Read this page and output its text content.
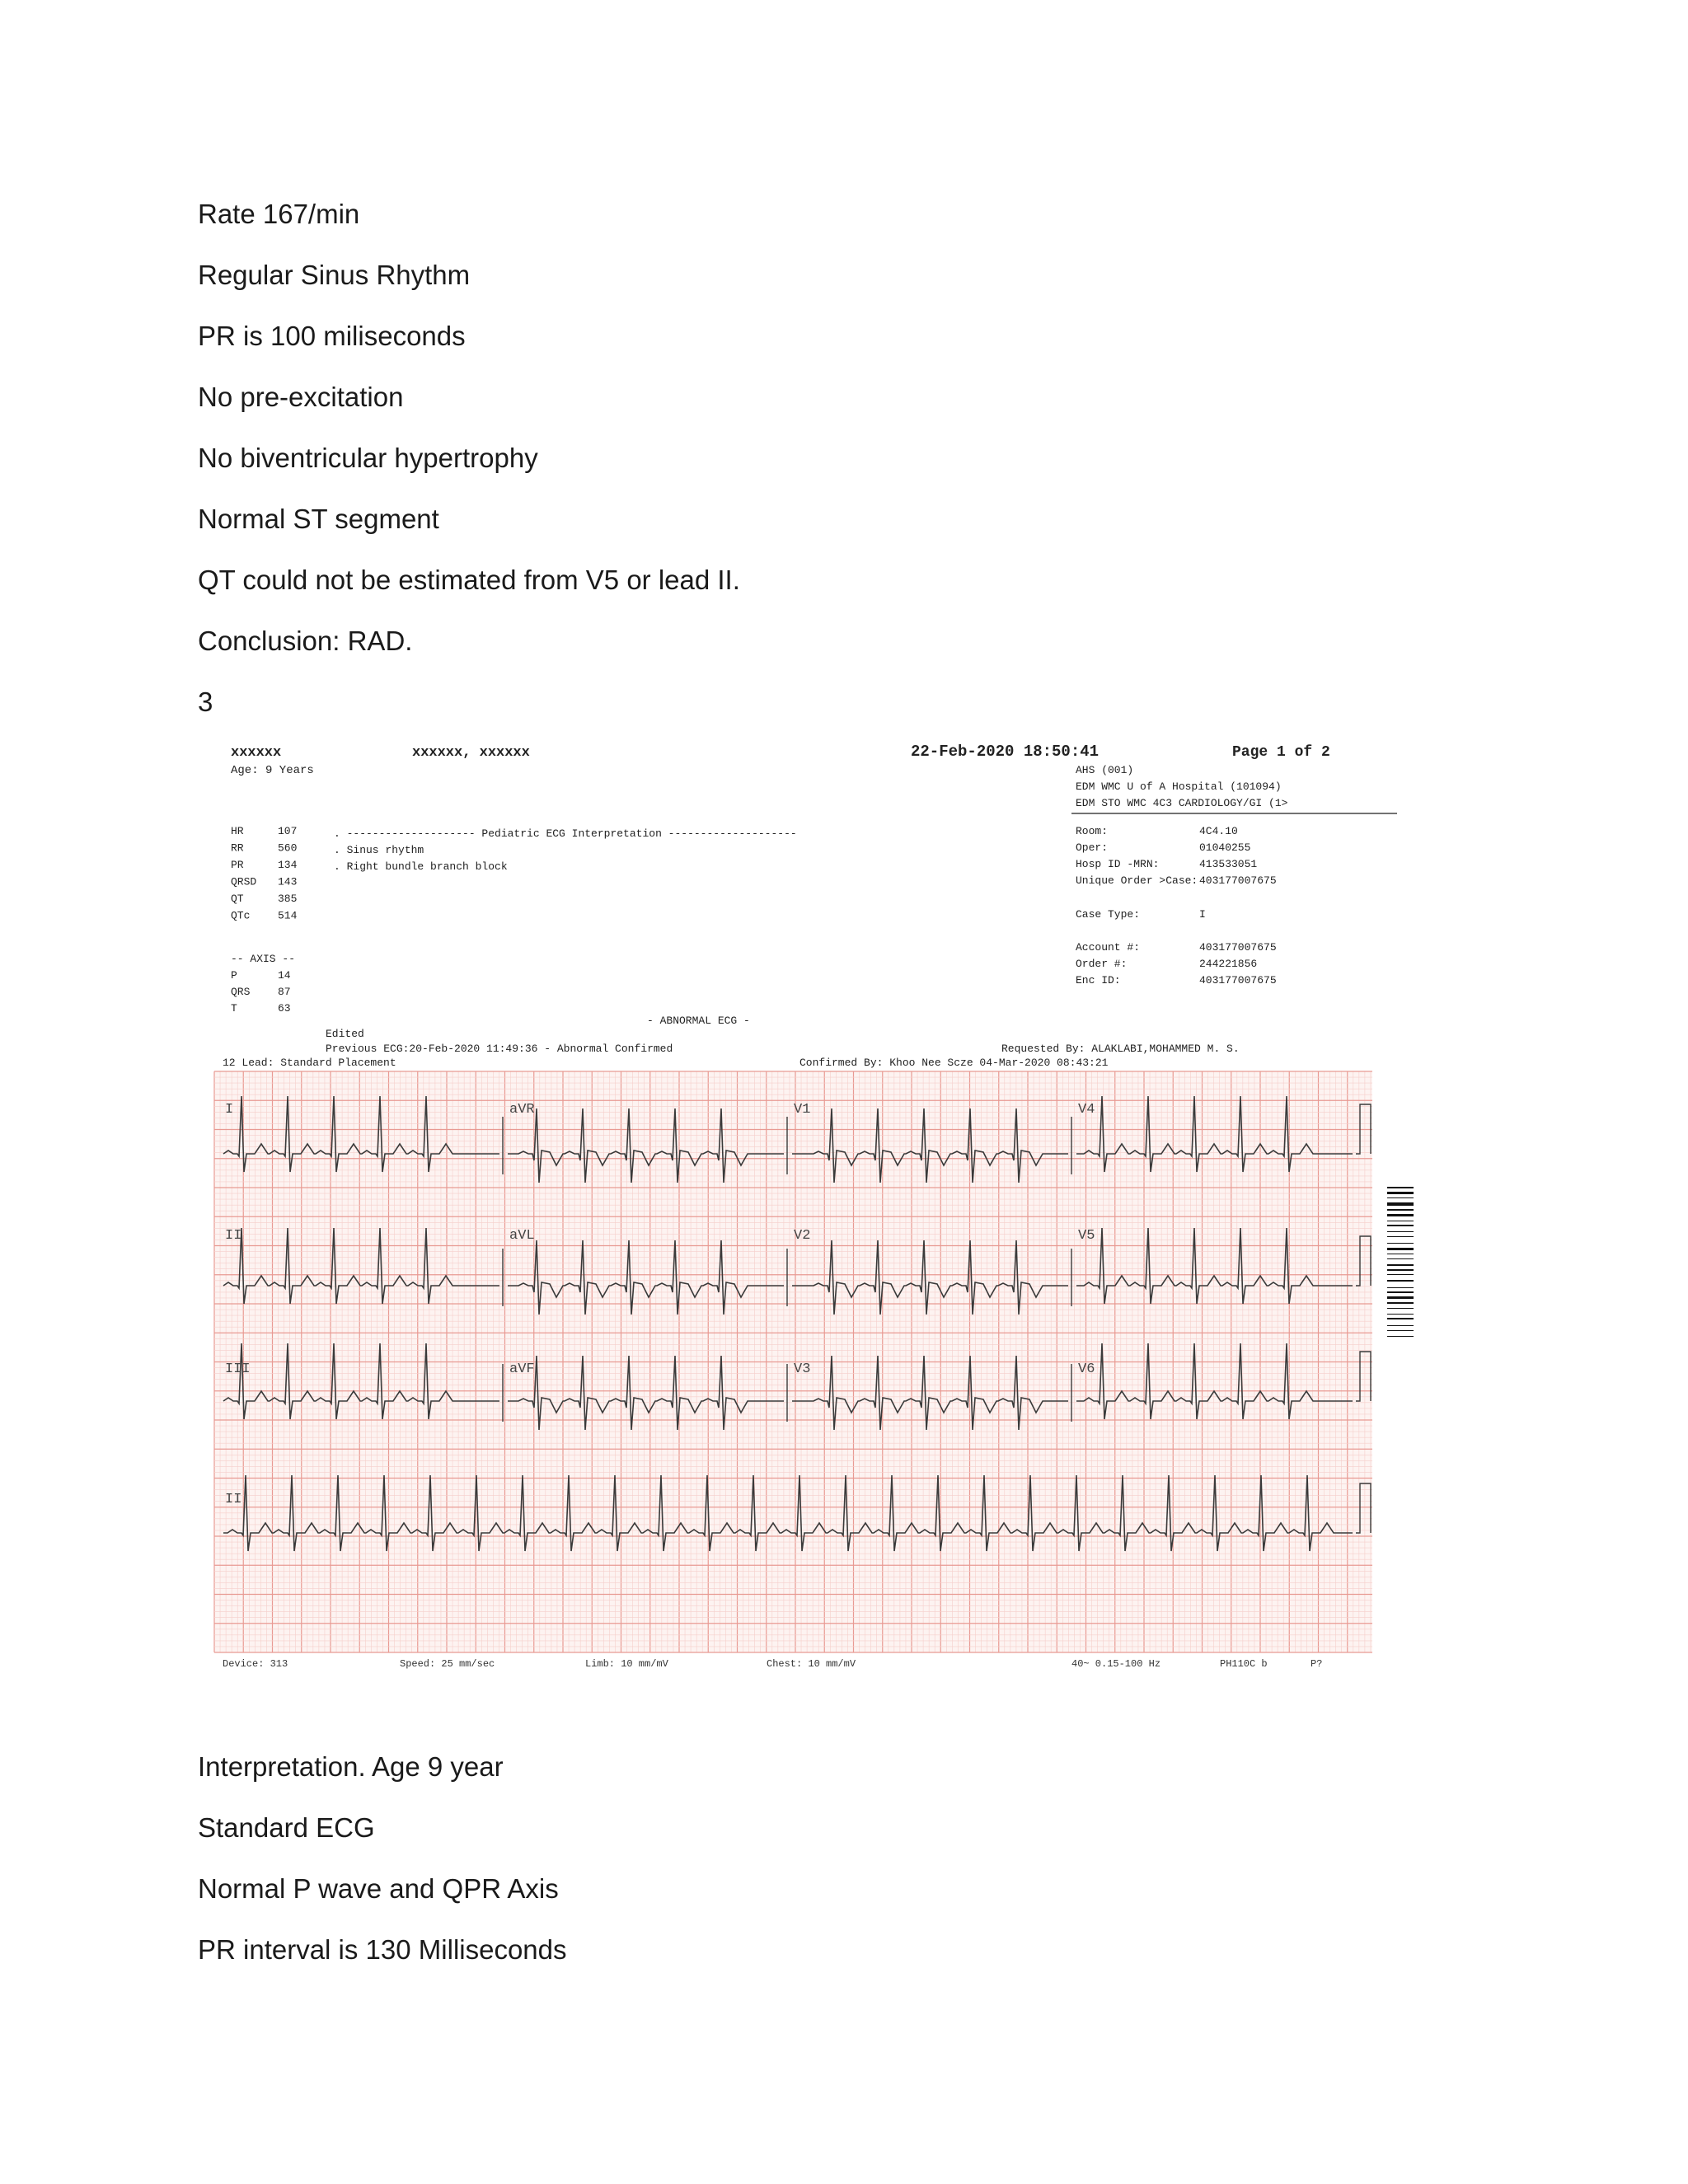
Rate 167/min
Regular Sinus Rhythm
PR is 100 miliseconds
No pre-excitation
No biventricular hypertrophy
Normal ST segment
QT could not be estimated from V5 or lead II.
Conclusion: RAD.
3
xxxxxx	xxxxxx, xxxxxx	22-Feb-2020 18:50:41	Page 1 of 2
Age: 9 Years	AHS (001)
EDM WMC U of A Hospital (101094)
EDM STO WMC 4C3 CARDIOLOGY/GI (1>
HR	107
RR	560
PR	134
QRSD 143
QT	385
QTc	514
-- AXIS --
P	14
QRS	87
T	63
. -------------------- Pediatric ECG Interpretation --------------------
. Sinus rhythm
. Right bundle branch block
Room:	4C4.10
Oper:	01040255
Hosp ID -MRN:	413533051
Unique Order >Case: 403177007675
Case Type:	I
Account #:	403177007675
Order #:	244221856
Enc ID:	403177007675
- ABNORMAL ECG -
Edited
Previous ECG:20-Feb-2020 11:49:36 - Abnormal Confirmed	Requested By: ALAKLABI,MOHAMMED M. S.
12 Lead: Standard Placement	Confirmed By: Khoo Nee Scze 04-Mar-2020 08:43:21
I	aVR	V1	V4
II	aVL	V2	V5
III	aVF	V3	V6
II
Device: 313	Speed: 25 mm/sec	Limb: 10 mm/mV	Chest: 10 mm/mV	40~ 0.15-100 Hz	PH110C b	P?
Interpretation. Age 9 year
Standard ECG
Normal P wave and QPR Axis
PR interval is 130 Milliseconds
